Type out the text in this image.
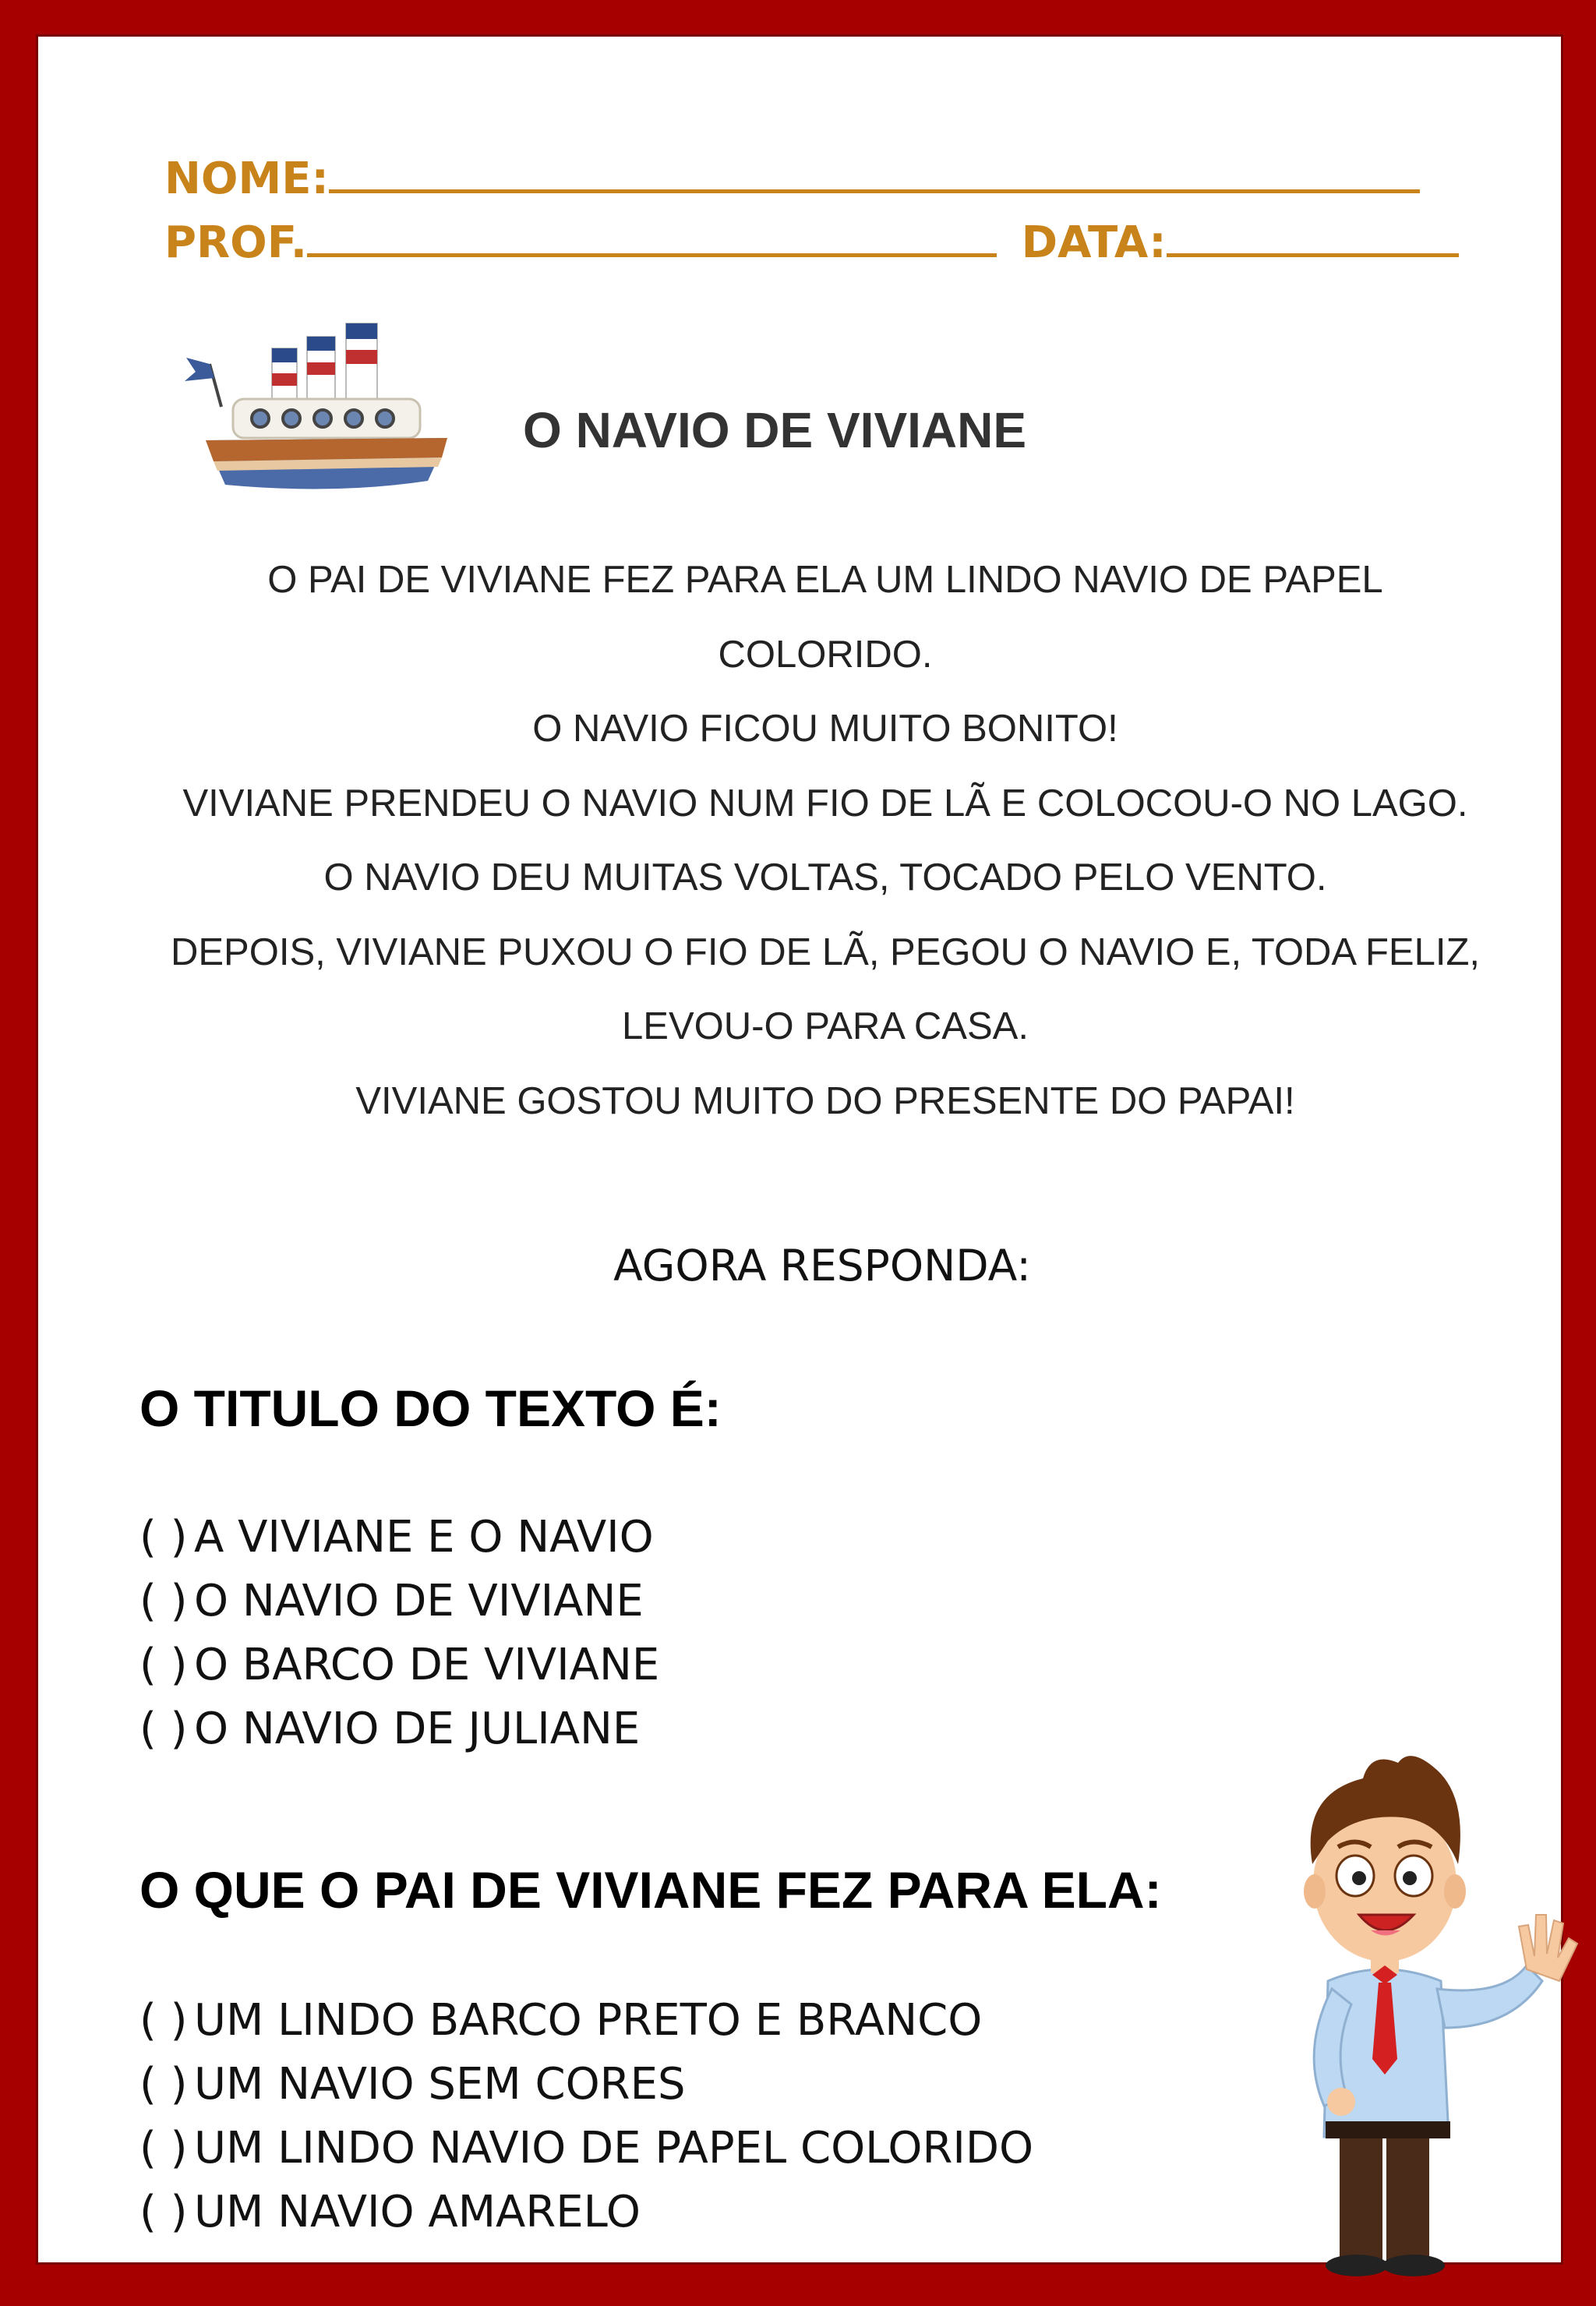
NOME:
PROF.	DATA:
O NAVIO DE VIVIANE

O PAI DE VIVIANE FEZ PARA ELA UM LINDO NAVIO DE PAPEL COLORIDO.

O NAVIO FICOU MUITO BONITO!

VIVIANE PRENDEU O NAVIO NUM FIO DE LÃ E COLOCOU-O NO LAGO.

O NAVIO DEU MUITAS VOLTAS, TOCADO PELO VENTO.

DEPOIS, VIVIANE PUXOU O FIO DE LÃ, PEGOU O NAVIO E, TODA FELIZ, LEVOU-O PARA CASA.

VIVIANE GOSTOU MUITO DO PRESENTE DO PAPAI!

AGORA RESPONDA:
O TITULO DO TEXTO É:
( ) A VIVIANE E O NAVIO
( ) O NAVIO DE VIVIANE
( ) O BARCO DE VIVIANE
( ) O NAVIO DE JULIANE
O QUE O PAI DE VIVIANE FEZ PARA ELA:
( ) UM LINDO BARCO PRETO E BRANCO
( ) UM NAVIO SEM CORES
( ) UM LINDO NAVIO DE PAPEL COLORIDO
( ) UM NAVIO AMARELO
